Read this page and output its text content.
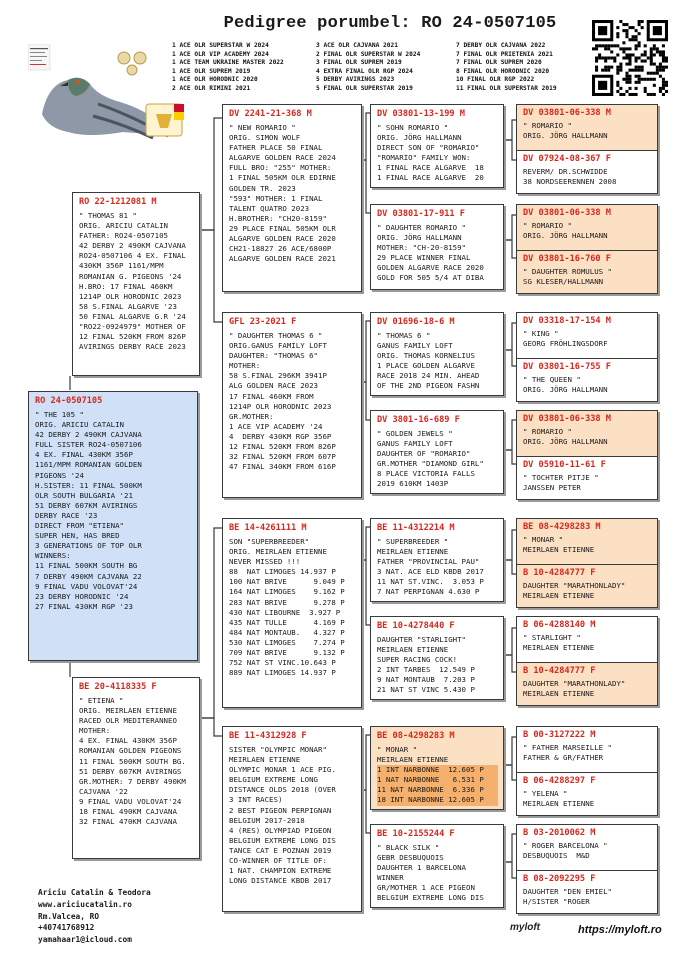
Pedigree porumbel: RO 24-0507105
1 ACE OLR SUPERSTAR W 2024
1 ACE OLR VIP ACADEMY 2024
1 ACE TEAM UKRAINE MASTER 2022
1 ACE OLR SUPREM 2019
1 ACE OLR HORODNIC 2020
2 ACE OLR RIMINI 2021
3 ACE OLR CAJVANA 2021
2 FINAL OLR SUPERSTAR W 2024
3 FINAL OLR SUPREM 2019
4 EXTRA FINAL OLR RGP 2024
5 DERBY AVIRINGS 2023
5 FINAL OLR SUPERSTAR 2019
7 DERBY OLR CAJVANA 2022
7 FINAL OLR PRIETENIA 2021
7 FINAL OLR SUPREM 2020
8 FINAL OLR HORODNIC 2020
10 FINAL OLR RGP 2022
11 FINAL OLR SUPERSTAR 2019
RO 24-0507105
" THE 105 "
ORIG. ARICIU CATALIN
42 DERBY 2 490KM CAJVANA
FULL SISTER RO24-0507106
4 EX. FINAL 430KM 356P
1161/MPM ROMANIAN GOLDEN
PIGEONS '24
H.SISTER: 11 FINAL 500KM
OLR SOUTH BULGARIA '21
51 DERBY 607KM AVIRINGS
DERBY RACE '23
DIRECT FROM "ETIENA"
SUPER HEN, HAS BRED
3 GENERATIONS OF TOP OLR
WINNERS:
11 FINAL 500KM SOUTH BG
7 DERBY 490KM CAJVANA 22
9 FINAL VADU VOLOVAT'24
23 DERBY HORODNIC '24
27 FINAL 430KM RGP '23
RO 22-1212081 M
" THOMAS 81 "
ORIG. ARICIU CATALIN
FATHER: RO24-0507105
42 DERBY 2 490KM CAJVANA
RO24-0507106 4 EX. FINAL
430KM 356P 1161/MPM
ROMANIAN G. PIGEONS '24
H.BRO: 17 FINAL 460KM
1214P OLR HORODNIC 2023
58 S.FINAL ALGARVE '23
50 FINAL ALGARVE G.R '24
"RO22-0924979" MOTHER OF
12 FINAL 520KM FROM 826P
AVIRINGS DERBY RACE 2023
BE 20-4118335 F
" ETIENA "
ORIG. MEIRLAEN ETIENNE
RACED OLR MEDITERANNEO
MOTHER:
4 EX. FINAL 430KM 356P
ROMANIAN GOLDEN PIGEONS
11 FINAL 500KM SOUTH BG.
51 DERBY 607KM AVIRINGS
GR.MOTHER: 7 DERBY 490KM
CAJVANA '22
9 FINAL VADU VOLOVAT'24
18 FINAL 490KM CAJVANA
32 FINAL 470KM CAJVANA
DV 2241-21-368 M
" NEW ROMARIO "
ORIG. SIMON WOLF
FATHER PLACE 50 FINAL
ALGARVE GOLDEN RACE 2024
FULL BRO: "255" MOTHER:
1 FINAL 505KM OLR EDIRNE
GOLDEN TR. 2023
"593" MOTHER: 1 FINAL
TALENT QUATRO 2023
H.BROTHER: "CH20-8159"
29 PLACE FINAL 505KM OLR
ALGARVE GOLDEN RACE 2020
CH21-18827 26 ACE/6800P
ALGARVE GOLDEN RACE 2021
GFL 23-2021 F
" DAUGHTER THOMAS 6 "
ORIG.GANUS FAMILY LOFT
DAUGHTER: "THOMAS 6"
MOTHER:
58 S.FINAL 296KM 3941P
ALG GOLDEN RACE 2023
17 FINAL 460KM FROM
1214P OLR HORODNIC 2023
GR.MOTHER:
1 ACE VIP ACADEMY '24
4  DERBY 430KM RGP 356P
12 FINAL 520KM FROM 826P
32 FINAL 520KM FROM 607P
47 FINAL 340KM FROM 616P
BE 14-4261111 M
SON "SUPERBREEDER"
ORIG. MEIRLAEN ETIENNE
NEVER MISSED !!!
88  NAT LIMOGES 14.937 P
100 NAT BRIVE      9.049 P
164 NAT LIMOGES    9.162 P
283 NAT BRIVE      9.278 P
430 NAT LIBOURNE  3.927 P
435 NAT TULLE      4.169 P
484 NAT MONTAUB.   4.327 P
530 NAT LIMOGES    7.274 P
709 NAT BRIVE      9.132 P
752 NAT ST VINC.10.643 P
889 NAT LIMOGES 14.937 P
BE 11-4312928 F
SISTER "OLYMPIC MONAR"
MEIRLAEN ETIENNE
OLYMPIC MONAR 1 ACE PIG.
BELGIUM EXTREME LONG
DISTANCE OLDS 2018 (OVER
3 INT RACES)
2 BEST PIGEON PERPIGNAN
BELGIUM 2017-2018
4 (RES) OLYMPIAD PIGEON
BELGIUM EXTREME LONG DIS
TANCE CAT E POZNAN 2019
CO-WINNER OF TITLE OF:
1 NAT. CHAMPION EXTREME
LONG DISTANCE KBDB 2017
DV 03801-13-199 M
" SOHN ROMARIO "
ORIG. JÖRG HALLMANN
DIRECT SON OF "ROMARIO"
"ROMARIO" FAMILY WON:
1 FINAL RACE ALGARVE  18
1 FINAL RACE ALGARVE  20
DV 03801-17-911 F
" DAUGHTER ROMARIO "
ORIG. JÖRG HALLMANN
MOTHER: "CH-20-8159"
29 PLACE WINNER FINAL
GOLDEN ALGARVE RACE 2020
GOLD FOR 505 5/4 AT DIBA
DV 01696-18-6 M
" THOMAS 6 "
GANUS FAMILY LOFT
ORIG. THOMAS KORNELIUS
1 PLACE GOLDEN ALGARVE
RACE 2018 24 MIN. AHEAD
OF THE 2ND PIGEON FASHN
DV 3801-16-689 F
" GOLDEN JEWELS "
GANUS FAMILY LOFT
DAUGHTER OF "ROMARIO"
GR.MOTHER "DIAMOND GIRL"
8 PLACE VICTORIA FALLS
2019 610KM 1403P
BE 11-4312214 M
" SUPERBREEDER "
MEIRLAEN ETIENNE
FATHER "PROVINCIAL PAU"
3 NAT. ACE ELD KBDB 2017
11 NAT ST.VINC.  3.053 P
7 NAT PERPIGNAN 4.630 P
BE 10-4278440 F
DAUGHTER "STARLIGHT"
MEIRLAEN ETIENNE
SUPER RACING COCK!
2 INT TARBES  12.549 P
9 NAT MONTAUB  7.203 P
21 NAT ST VINC 5.430 P
BE 08-4298283 M
" MONAR "
MEIRLAEN ETIENNE
1 INT NARBONNE  12.605 P
1 NAT NARBONNE   6.531 P
11 NAT NARBONNE  6.336 P
18 INT NARBONNE 12.605 P
BE 10-2155244 F
" BLACK SILK "
GEBR DESBUQUOIS
DAUGHTER 1 BARCELONA
WINNER
GR/MOTHER 1 ACE PIGEON
BELGIUM EXTREME LONG DIS
DV 03801-06-338 M
" ROMARIO "
ORIG. JÖRG HALLMANN
DV 07924-08-367 F
REVERM/ DR.SCHWIDDE
38 NORDSEERENNEN 2008
DV 03801-06-338 M
" ROMARIO "
ORIG. JÖRG HALLMANN
DV 03801-16-760 F
" DAUGHTER ROMULUS "
SG KLESER/HALLMANN
DV 03318-17-154 M
" KING "
GEORG FRÖHLINGSDORF
DV 03801-16-755 F
" THE QUEEN "
ORIG. JÖRG HALLMANN
DV 03801-06-338 M
" ROMARIO "
ORIG. JÖRG HALLMANN
DV 05910-11-61 F
" TOCHTER PITJE "
JANSSEN PETER
BE 08-4298283 M
" MONAR "
MEIRLAEN ETIENNE
B 10-4284777 F
DAUGHTER "MARATHONLADY"
MEIRLAEN ETIENNE
B 06-4288140 M
" STARLIGHT "
MEIRLAEN ETIENNE
B 10-4284777 F
DAUGHTER "MARATHONLADY"
MEIRLAEN ETIENNE
B 00-3127222 M
" FATHER MARSEILLE "
FATHER & GR/FATHER
B 06-4288297 F
" YELENA "
MEIRLAEN ETIENNE
B 03-2010062 M
" ROGER BARCELONA "
DESBUQUOIS  M&D
B 08-2092295 F
DAUGHTER "DEN EMIEL"
H/SISTER "ROGER
Ariciu Catalin & Teodora
www.ariciucatalin.ro
Rm.Valcea, RO
+40741768912
yamahaar1@icloud.com
myloft	https://myloft.ro
